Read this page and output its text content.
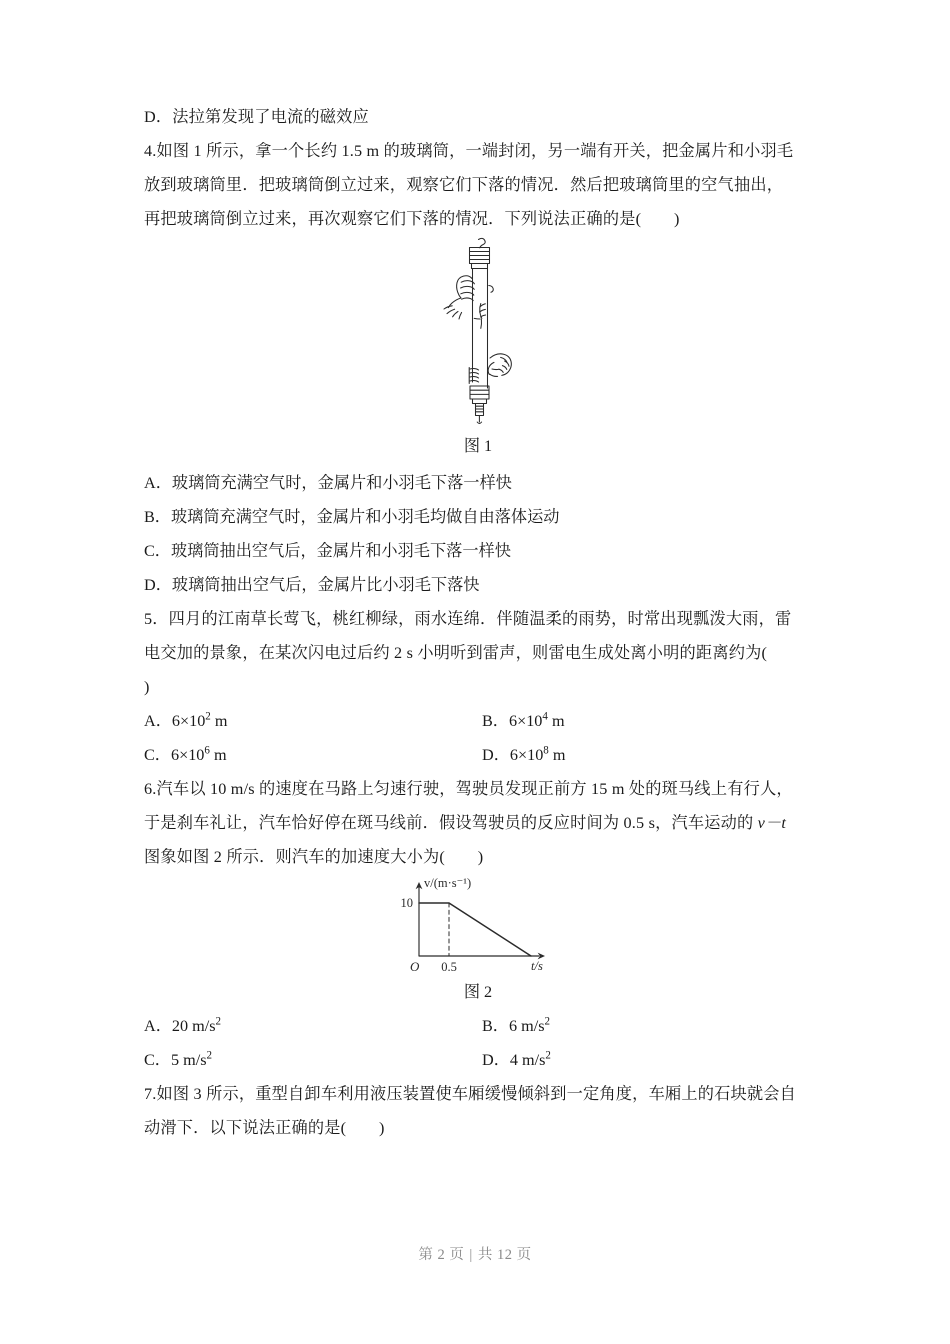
D．法拉第发现了电流的磁效应
4.如图 1 所示，拿一个长约 1.5 m 的玻璃筒，一端封闭，另一端有开关，把金属片和小羽毛
放到玻璃筒里．把玻璃筒倒立过来，观察它们下落的情况．然后把玻璃筒里的空气抽出，
再把玻璃筒倒立过来，再次观察它们下落的情况．下列说法正确的是(　　)
图 1
A．玻璃筒充满空气时，金属片和小羽毛下落一样快
B．玻璃筒充满空气时，金属片和小羽毛均做自由落体运动
C．玻璃筒抽出空气后，金属片和小羽毛下落一样快
D．玻璃筒抽出空气后，金属片比小羽毛下落快
5．四月的江南草长莺飞，桃红柳绿，雨水连绵．伴随温柔的雨势，时常出现瓢泼大雨，雷
电交加的景象，在某次闪电过后约 2 s 小明听到雷声，则雷电生成处离小明的距离约为(
)
A．$6\times 10^2$ m	B．$6\times 10^4$ m
C．$6\times 10^6$ m	D．$6\times 10^8$ m
6.汽车以 10 m/s 的速度在马路上匀速行驶，驾驶员发现正前方 15 m 处的斑马线上有行人，
于是刹车礼让，汽车恰好停在斑马线前．假设驾驶员的反应时间为 0.5 s，汽车运动的 v－t
图象如图 2 所示．则汽车的加速度大小为(　　)
10
O 0.5	t/s
v/(m·s⁻¹)
图 2
A．20 $m/s^2$	B．6 $m/s^2$
C．5 $m/s^2$	D．4 $m/s^2$
7.如图 3 所示，重型自卸车利用液压装置使车厢缓慢倾斜到一定角度，车厢上的石块就会自
动滑下．以下说法正确的是(　　)
第 2 页 | 共 12 页
